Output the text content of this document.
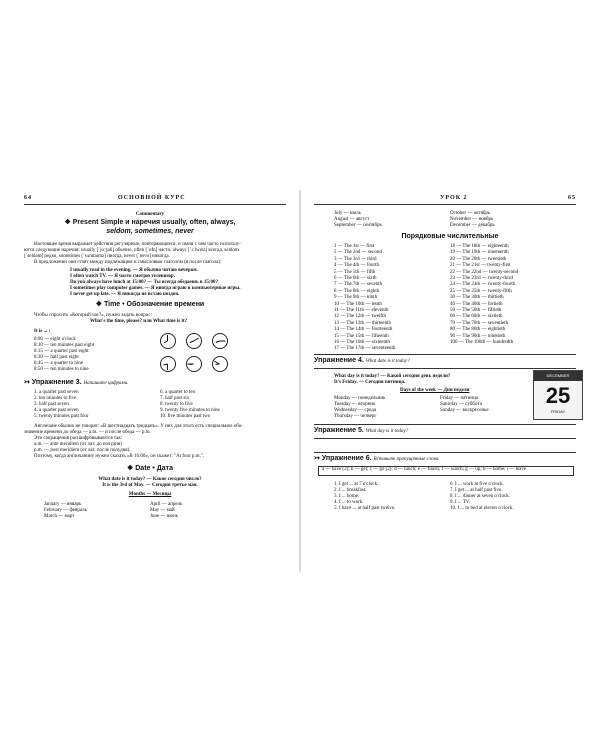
64	ОСНОВНОЙ КУРС
Commentary
❖ Present Simple и наречия usually, often, always,
seldom, sometimes, never
Настоящее время выражает действия регулярные, повторяющиеся, и связи с чем часто использу-
ются следующие наречия: usually [ˈjuːʒəli] обычно, often [ˈɒfn] часто, always [ˈɔːlweɪz] всегда, seldom
[ˈseldəm] редко, sometimes [ˈsʌmtaɪmz] иногда, never [ˈnevə] никогда.
В предложении они стоят между подлежащим и смысловым глаголом (в после глагола):
I usually read in the evening. — Я обычно читаю вечером.
I often watch TV. — Я часто смотрю телевизор.
Do you always have lunch at 15:00? — Ты всегда обедаешь в 15:00?
I sometimes play computer games. — Я иногда играю в компьютерные игры.
I never get up late. — Я никогда не встаю поздно.
❖ Time • Обозначение времени
Чтобы спросить «Который час?», нужно задать вопрос:
What's the time, please? или What time is it?
It is ... :
8:00 — eight o'clock
8:10 — ten minutes past eight
8:15 — a quarter past eight
8:30 — half past eight
8:45 — a quarter to nine
8:50 — ten minutes to nine
↣ Упражнение 3. Напишите цифрами.
1. a quarter past seven
2. ten minutes to five
3. half past seven
4. a quarter past seven
5. twenty minutes past four
6. a quarter to ten
7. half past six
8. twenty to five
9. twenty five minutes to nine
10. five minutes past two
Англичане обычно не говорят: «В шестнадцать тридцать». У них для этого есть специальное обо-
значение времени до обеда — a.m. — и после обеда — p.m.
Эти сокращения расшифровываются так:
a.m. — ante meridiem (от лат. до полудня)
p.m. — post meridiem (от лат. после полудня).
Поэтому, когда англичанину нужно сказать «В 16:00», он скажет: "At four p.m.".
❖ Date • Дата
What date is it today? — Какое сегодня число?
It is the 3rd of May. — Сегодня третье мая.
Months — Месяцы
January — январь
February — февраль
March — март
April — апрель
May — май
June — июнь
УРОК 2	65
July — июль
August — август
September — сентябрь
October — октябрь
November — ноябрь
December — декабрь
Порядковые числительные
1 — The 1st — first
2 — The 2nd — second
3 — The 3rd — third
4 — The 4th — fourth
5 — The 5th — fifth
6 — The 6th — sixth
7 — The 7th — seventh
8 — The 8th — eighth
9 — The 9th — ninth
10 — The 10th — tenth
11 — The 11th — eleventh
12 — The 12th — twelfth
13 — The 13th — thirteenth
14 — The 14th — fourteenth
15 — The 15th — fifteenth
16 — The 16th — sixteenth
17 — The 17th — seventeenth
18 — The 18th — eighteenth
19 — The 19th — nineteenth
20 — The 20th — twentieth
21 — The 21st — twenty-first
22 — The 22nd — twenty-second
23 — The 23rd — twenty-third
24 — The 24th — twenty-fourth
25 — The 25th — twenty-fifth
30 — The 30th — thirtieth
40 — The 40th — fortieth
50 — The 50th — fiftieth
60 — The 60th — sixtieth
70 — The 70th — seventieth
80 — The 80th — eightieth
90 — The 90th — ninetieth
100 — The 100th — hundredth
Упражнение 4. What date is it today?
What day is it today? — Какой сегодня день недели?
It's Friday. — Сегодня пятница.
Days of the week — Дни недели
Monday — понедельник
Tuesday — вторник
Wednesday — среда
Thursday — четверг
Friday — пятница
Saturday — суббота
Sunday — воскресенье
DECEMBER
25
FRIDAY
Упражнение 5. What day is it today?
↣ Упражнение 6. Вставьте пропущенные слова.
a — have (2); b — get; c — go (2); d — lunch; e — finish; f — watch; g — up; h — home; i — leave
1. I get ... at 7 o'clock.
2. I ... breakfast.
3. I ... home.
4. I ... to work.
5. I have ... at half past twelve.
6. I ... work at five o'clock.
7. I get ... at half past five.
8. I ... dinner at seven o'clock.
9. I ... TV.
10. I ... to bed at eleven o'clock.
